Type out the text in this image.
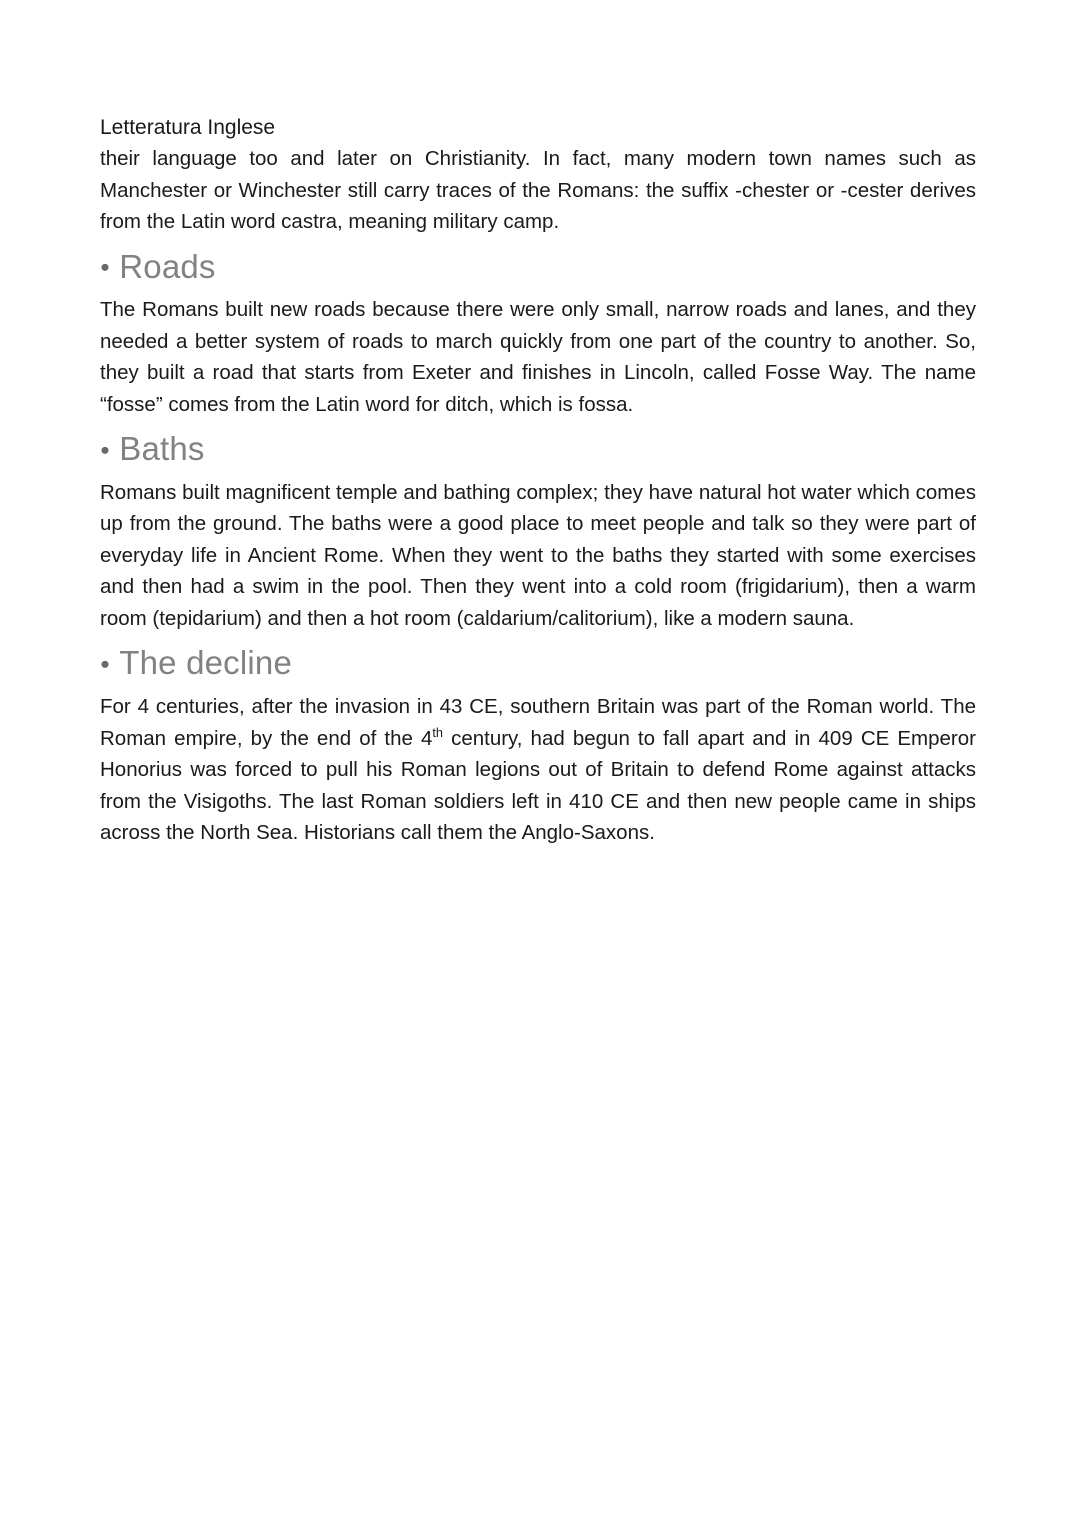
Letteratura Inglese

their language too and later on Christianity. In fact, many modern town names such as Manchester or Winchester still carry traces of the Romans: the suffix -chester or -cester derives from the Latin word castra, meaning military camp.

● Roads

The Romans built new roads because there were only small, narrow roads and lanes, and they needed a better system of roads to march quickly from one part of the country to another. So, they built a road that starts from Exeter and finishes in Lincoln, called Fosse Way. The name “fosse” comes from the Latin word for ditch, which is fossa.

● Baths

Romans built magnificent temple and bathing complex; they have natural hot water which comes up from the ground. The baths were a good place to meet people and talk so they were part of everyday life in Ancient Rome. When they went to the baths they started with some exercises and then had a swim in the pool. Then they went into a cold room (frigidarium), then a warm room (tepidarium) and then a hot room (caldarium/calitorium), like a modern sauna.

● The decline

For 4 centuries, after the invasion in 43 CE, southern Britain was part of the Roman world. The Roman empire, by the end of the 4th century, had begun to fall apart and in 409 CE Emperor Honorius was forced to pull his Roman legions out of Britain to defend Rome against attacks from the Visigoths. The last Roman soldiers left in 410 CE and then new people came in ships across the North Sea. Historians call them the Anglo-Saxons.
